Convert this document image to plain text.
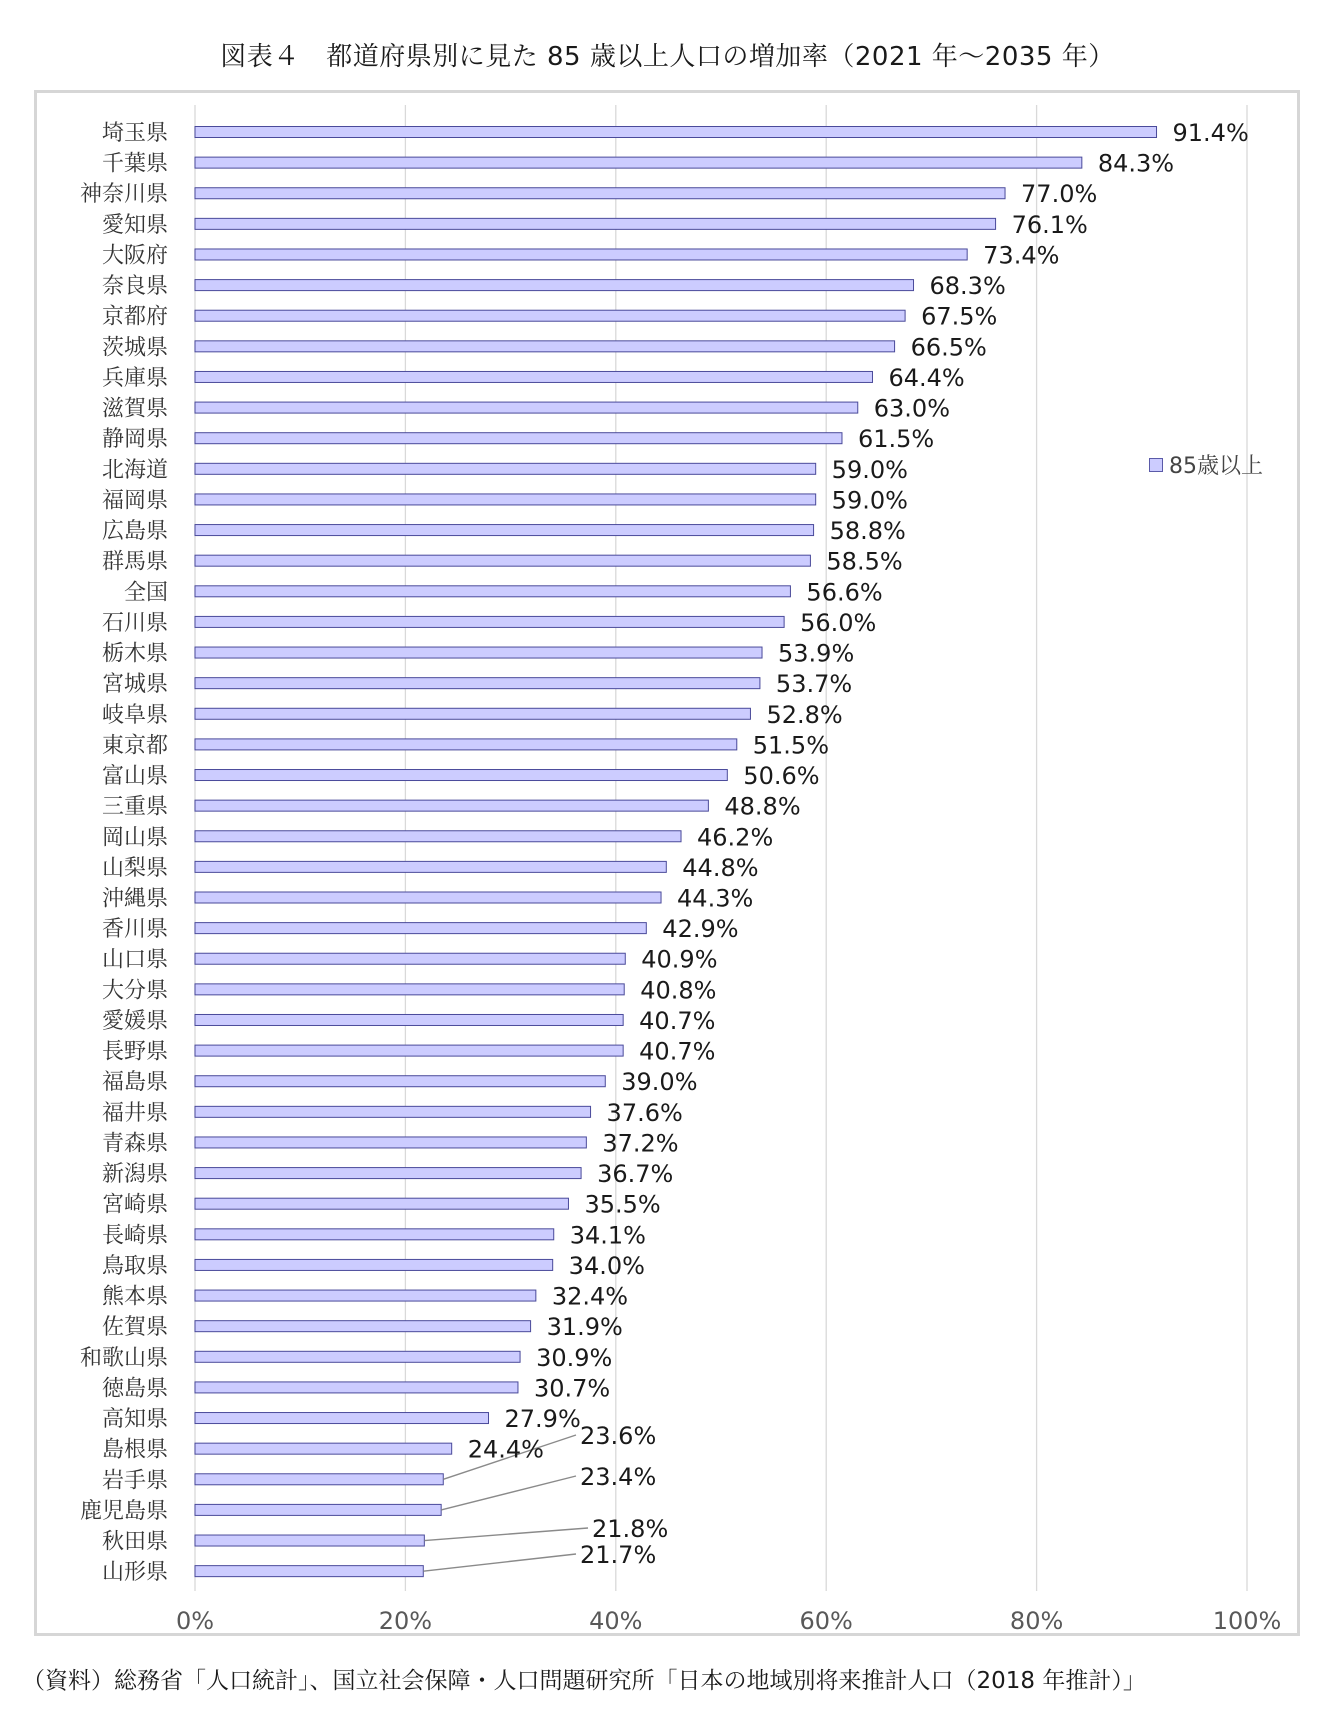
図表４　都道府県別に見た 85 歳以上人口の増加率（2021 年～2035 年）
91.4%
84.3%
77.0%
76.1%
73.4%
68.3%
67.5%
66.5%
64.4%
63.0%
61.5%
59.0%
59.0%
58.8%
58.5%
56.6%
56.0%
53.9%
53.7%
52.8%
51.5%
50.6%
48.8%
46.2%
44.8%
44.3%
42.9%
40.9%
40.8%
40.7%
40.7%
39.0%
37.6%
37.2%
36.7%
35.5%
34.1%
34.0%
32.4%
31.9%
30.9%
30.7%
27.9%
24.4% 23.6%
23.4%
21.8%
21.7%
埼玉県
千葉県
神奈川県
愛知県
大阪府
奈良県
京都府
茨城県
兵庫県
滋賀県
静岡県
北海道
福岡県
広島県
群馬県
全国
石川県
栃木県
宮城県
岐阜県
東京都
富山県
三重県
岡山県
山梨県
沖縄県
香川県
山口県
大分県
愛媛県
長野県
福島県
福井県
青森県
新潟県
宮崎県
長崎県
鳥取県
熊本県
佐賀県
和歌山県
徳島県
高知県
島根県
岩手県
鹿児島県
秋田県
山形県
0%	20%	40%	60%	80%	100%
85歳以上
（資料）総務省「人口統計」、国立社会保障・人口問題研究所「日本の地域別将来推計人口（2018 年推計）」
